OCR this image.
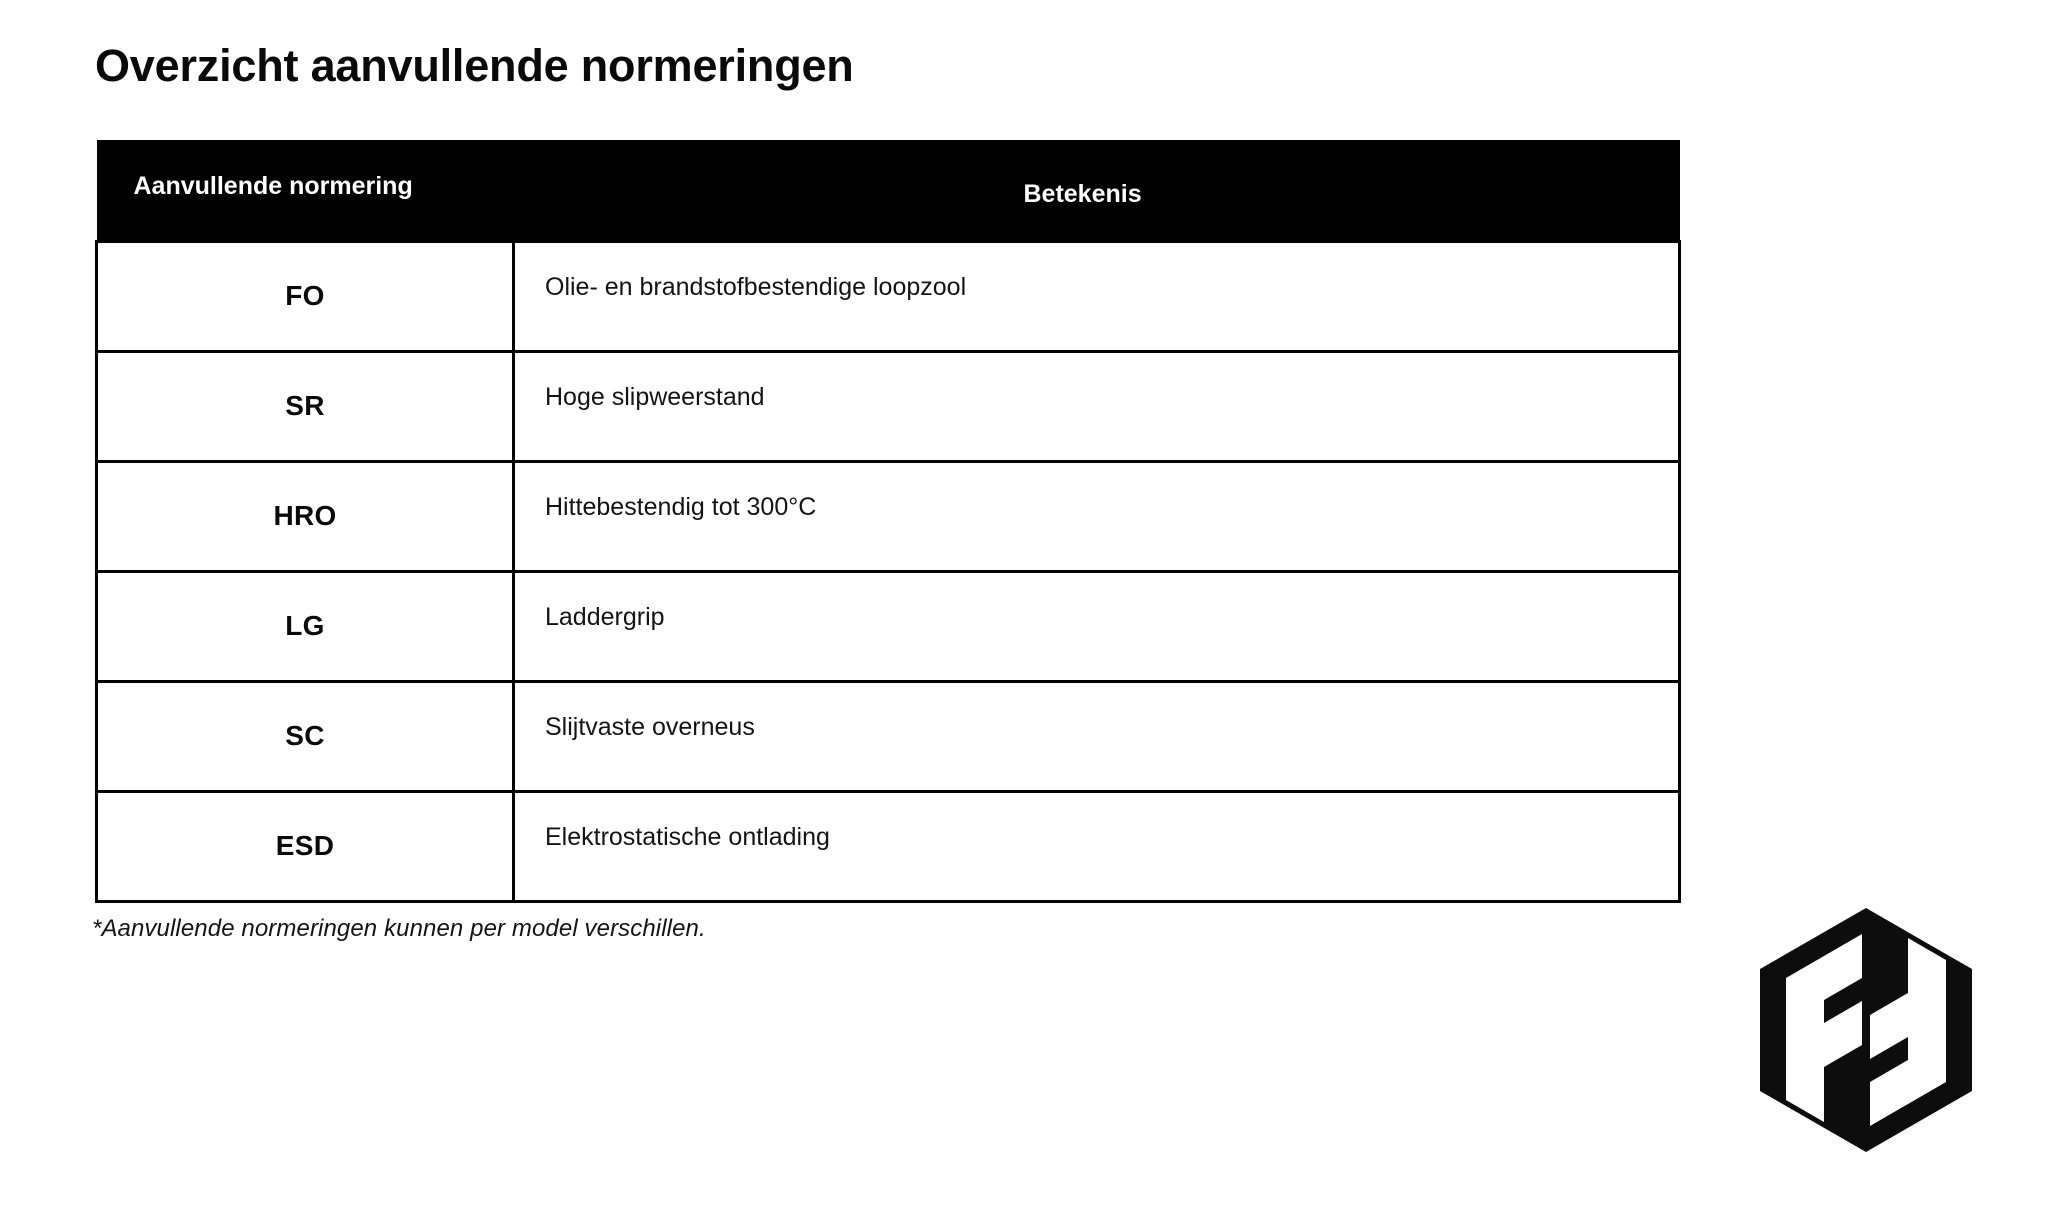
Overzicht aanvullende normeringen
Aanvullende normering	Betekenis

FO	Olie- en brandstofbestendige loopzool

SR	Hoge slipweerstand

HRO	Hittebestendig tot 300°C

LG	Laddergrip

SC	Slijtvaste overneus

ESD	Elektrostatische ontlading
*Aanvullende normeringen kunnen per model verschillen.
